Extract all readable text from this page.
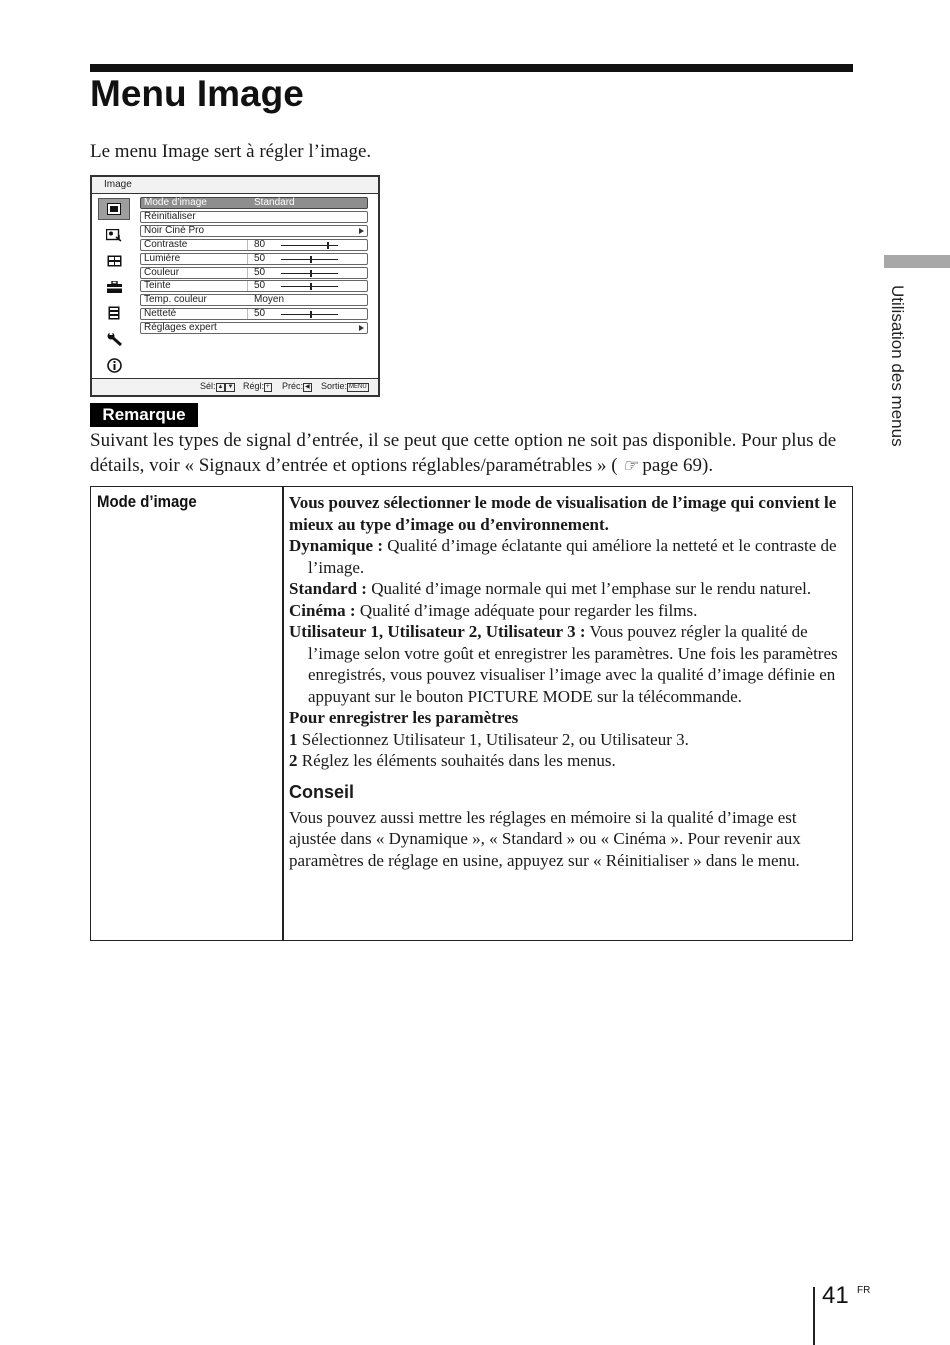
Menu Image
Le menu Image sert à régler l’image.
Image
Mode d’image	Standard
Réinitialiser
Noir Ciné Pro
Contraste	80
Lumière	50
Couleur	50
Teinte	50
Temp. couleur	Moyen
Netteté	50
Réglages expert
Sél: ▲ ▼ Régl: + Préc: ◀ Sortie: MENU
Remarque

Suivant les types de signal d’entrée, il se peut que cette option ne soit pas disponible. Pour plus de détails, voir « Signaux d’entrée et options réglables/paramétrables » ( ☞ page 69).

Mode d’image	Vous pouvez sélectionner le mode de visualisation de l’image qui convient le mieux au type d’image ou d’environnement.

Dynamique : Qualité d’image éclatante qui améliore la netteté et le contraste de l’image.

Standard : Qualité d’image normale qui met l’emphase sur le rendu naturel.

Cinéma : Qualité d’image adéquate pour regarder les films.

Utilisateur 1, Utilisateur 2, Utilisateur 3 : Vous pouvez régler la qualité de l’image selon votre goût et enregistrer les paramètres. Une fois les paramètres enregistrés, vous pouvez visualiser l’image avec la qualité d’image définie en appuyant sur le bouton PICTURE MODE sur la télécommande.

Pour enregistrer les paramètres

1 Sélectionnez Utilisateur 1, Utilisateur 2, ou Utilisateur 3.

2 Réglez les éléments souhaités dans les menus.

Conseil

Vous pouvez aussi mettre les réglages en mémoire si la qualité d’image est ajustée dans « Dynamique », « Standard » ou « Cinéma ». Pour revenir aux paramètres de réglage en usine, appuyez sur « Réinitialiser » dans le menu.

Utilisation des menus
41 FR
